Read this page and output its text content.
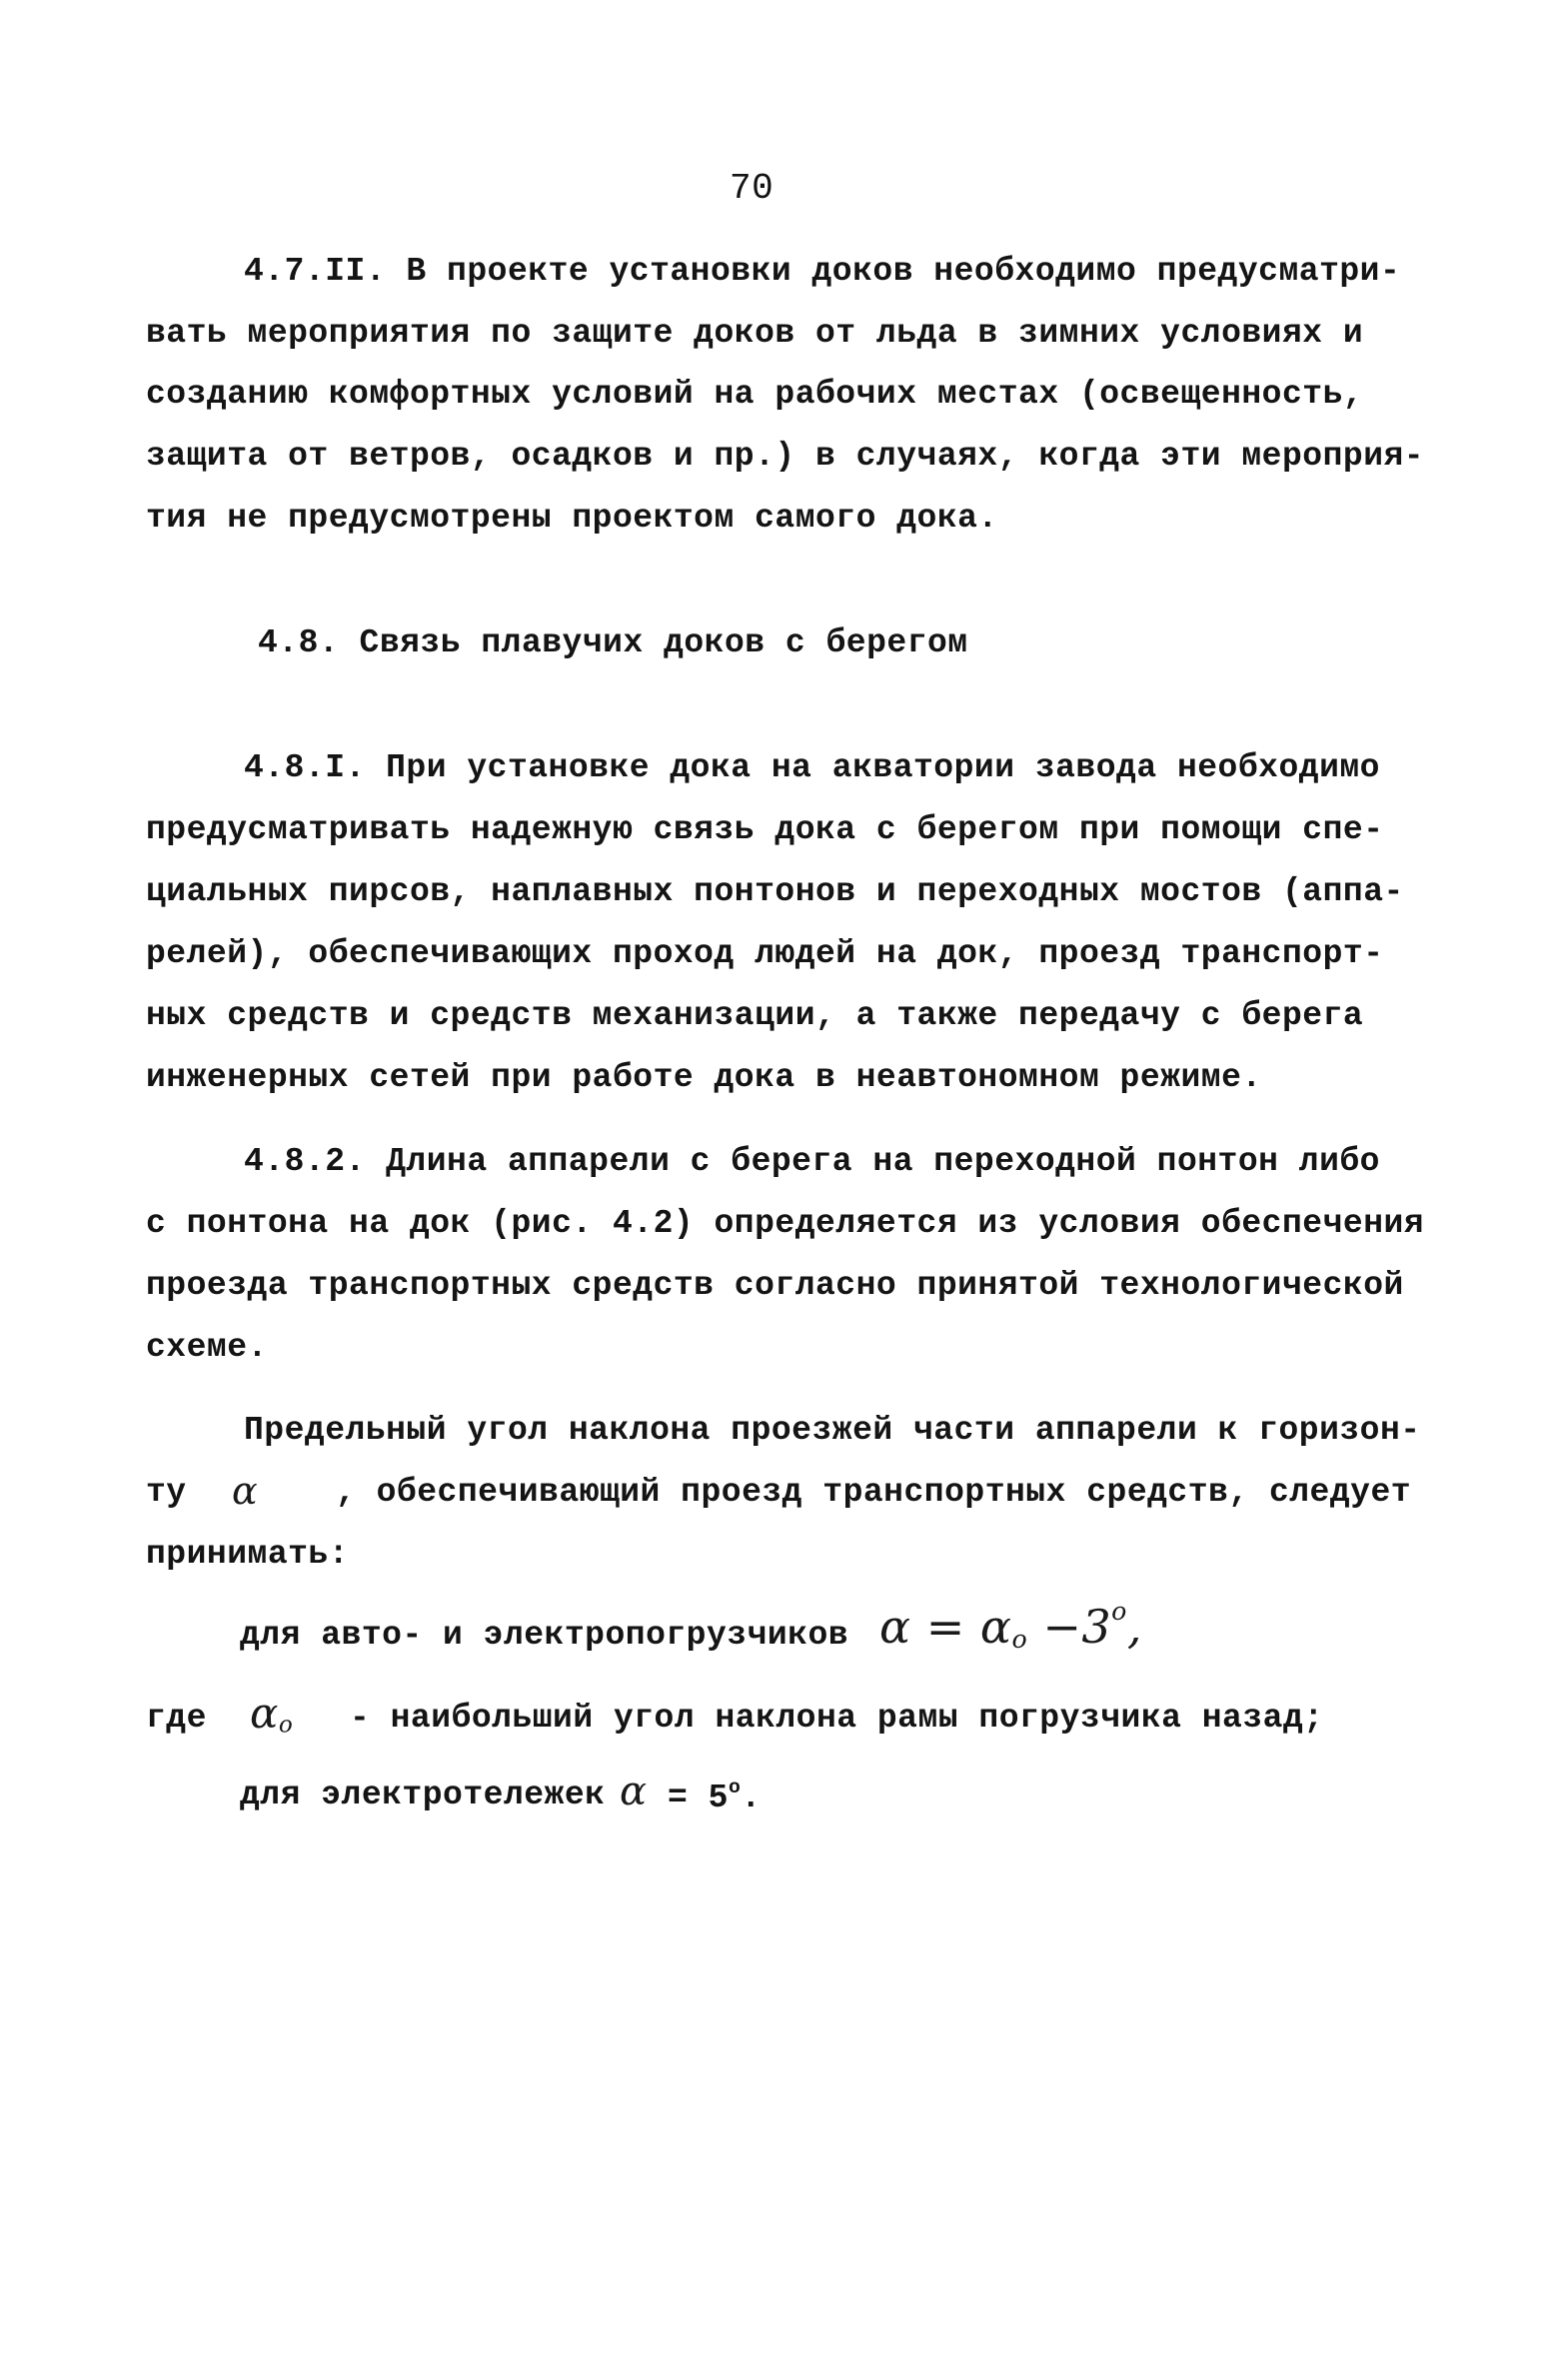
70
4.7.II. В проекте установки доков необходимо предусматри-
вать мероприятия по защите доков от льда в зимних условиях и
созданию комфортных условий на рабочих местах (освещенность,
защита от ветров, осадков и пр.) в случаях, когда эти мероприя-
тия не предусмотрены проектом самого дока.
4.8. Связь плавучих доков с берегом
4.8.I. При установке дока на акватории завода необходимо
предусматривать надежную связь дока с берегом при помощи спе-
циальных пирсов, наплавных понтонов и переходных мостов (аппа-
релей), обеспечивающих проход людей на док, проезд транспорт-
ных средств и средств механизации, а также передачу с берега
инженерных сетей при работе дока в неавтономном режиме.
4.8.2. Длина аппарели с берега на переходной понтон либо
с понтона на док (рис. 4.2) определяется из условия обеспечения
проезда транспортных средств согласно принятой технологической
схеме.
Предельный угол наклона проезжей части аппарели к горизон-
ту α , обеспечивающий проезд транспортных средств, следует
принимать:
для авто- и электропогрузчиков $\alpha = \alpha_o -3^o$,
где $\alpha_o$ - наибольший угол наклона рамы погрузчика назад;
для электротележек $\alpha = 5^о$.
